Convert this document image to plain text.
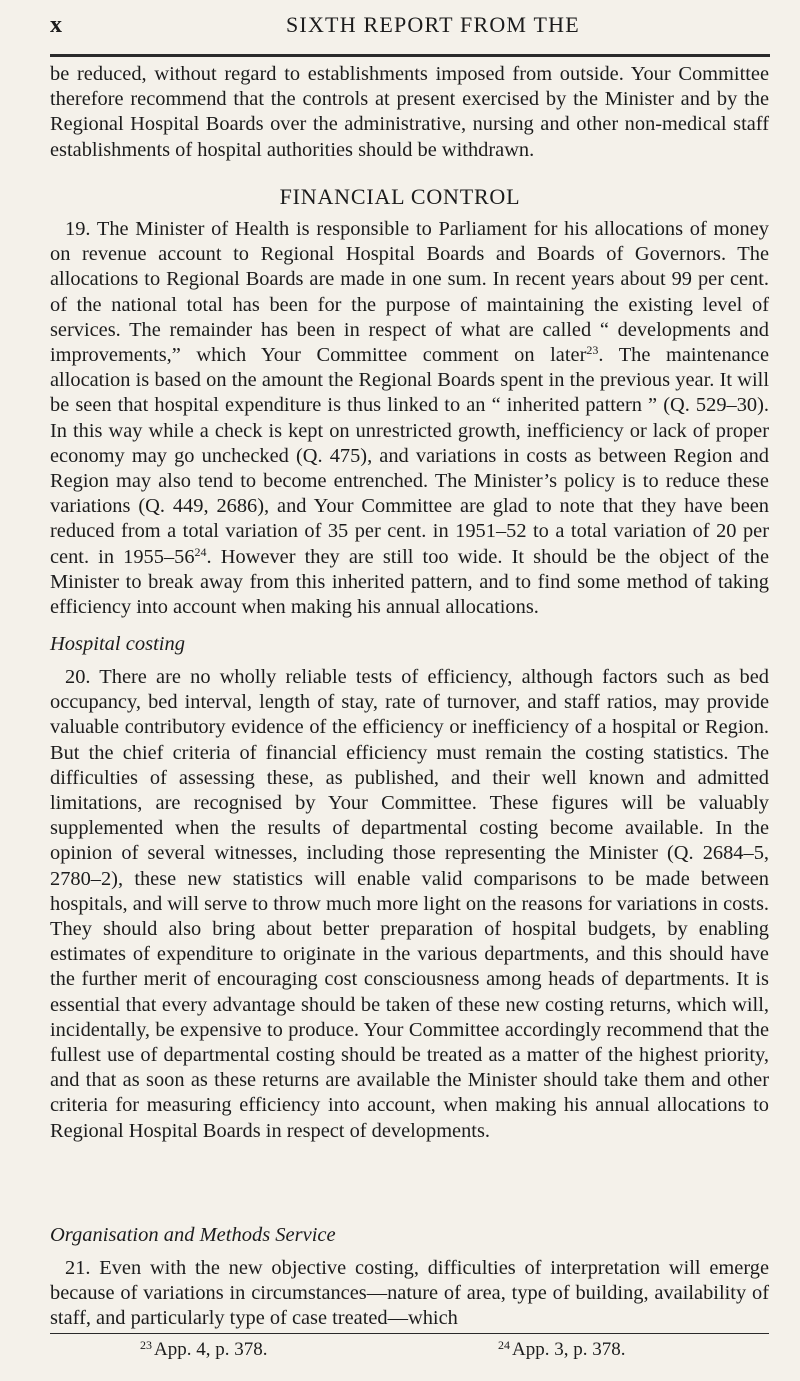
x	SIXTH REPORT FROM THE

be reduced, without regard to establishments imposed from outside. Your Committee therefore recommend that the controls at present exercised by the Minister and by the Regional Hospital Boards over the administrative, nursing and other non-medical staff establishments of hospital authorities should be withdrawn.

FINANCIAL CONTROL

19. The Minister of Health is responsible to Parliament for his allocations of money on revenue account to Regional Hospital Boards and Boards of Governors. The allocations to Regional Boards are made in one sum. In recent years about 99 per cent. of the national total has been for the purpose of maintaining the existing level of services. The remainder has been in respect of what are called “ developments and improvements,” which Your Committee comment on later$^{23}$. The maintenance allocation is based on the amount the Regional Boards spent in the previous year. It will be seen that hospital expenditure is thus linked to an “ inherited pattern ” (Q. 529–30). In this way while a check is kept on unrestricted growth, inefficiency or lack of proper economy may go unchecked (Q. 475), and variations in costs as between Region and Region may also tend to become entrenched. The Minister’s policy is to reduce these variations (Q. 449, 2686), and Your Committee are glad to note that they have been reduced from a total variation of 35 per cent. in 1951–52 to a total variation of 20 per cent. in 1955–56$^{24}$. However they are still too wide. It should be the object of the Minister to break away from this inherited pattern, and to find some method of taking efficiency into account when making his annual allocations.

Hospital costing

20. There are no wholly reliable tests of efficiency, although factors such as bed occupancy, bed interval, length of stay, rate of turnover, and staff ratios, may provide valuable contributory evidence of the efficiency or inefficiency of a hospital or Region. But the chief criteria of financial efficiency must remain the costing statistics. The difficulties of assessing these, as published, and their well known and admitted limitations, are recognised by Your Committee. These figures will be valuably supplemented when the results of departmental costing become available. In the opinion of several witnesses, including those representing the Minister (Q. 2684–5, 2780–2), these new statistics will enable valid comparisons to be made between hospitals, and will serve to throw much more light on the reasons for variations in costs. They should also bring about better preparation of hospital budgets, by enabling estimates of expenditure to originate in the various departments, and this should have the further merit of encouraging cost consciousness among heads of departments. It is essential that every advantage should be taken of these new costing returns, which will, incidentally, be expensive to produce. Your Committee accordingly recommend that the fullest use of departmental costing should be treated as a matter of the highest priority, and that as soon as these returns are available the Minister should take them and other criteria for measuring efficiency into account, when making his annual allocations to Regional Hospital Boards in respect of developments.

Organisation and Methods Service

21. Even with the new objective costing, difficulties of interpretation will emerge because of variations in circumstances—nature of area, type of building, availability of staff, and particularly type of case treated—which

$^{23}$ App. 4, p. 378.	$^{24}$ App. 3, p. 378.
